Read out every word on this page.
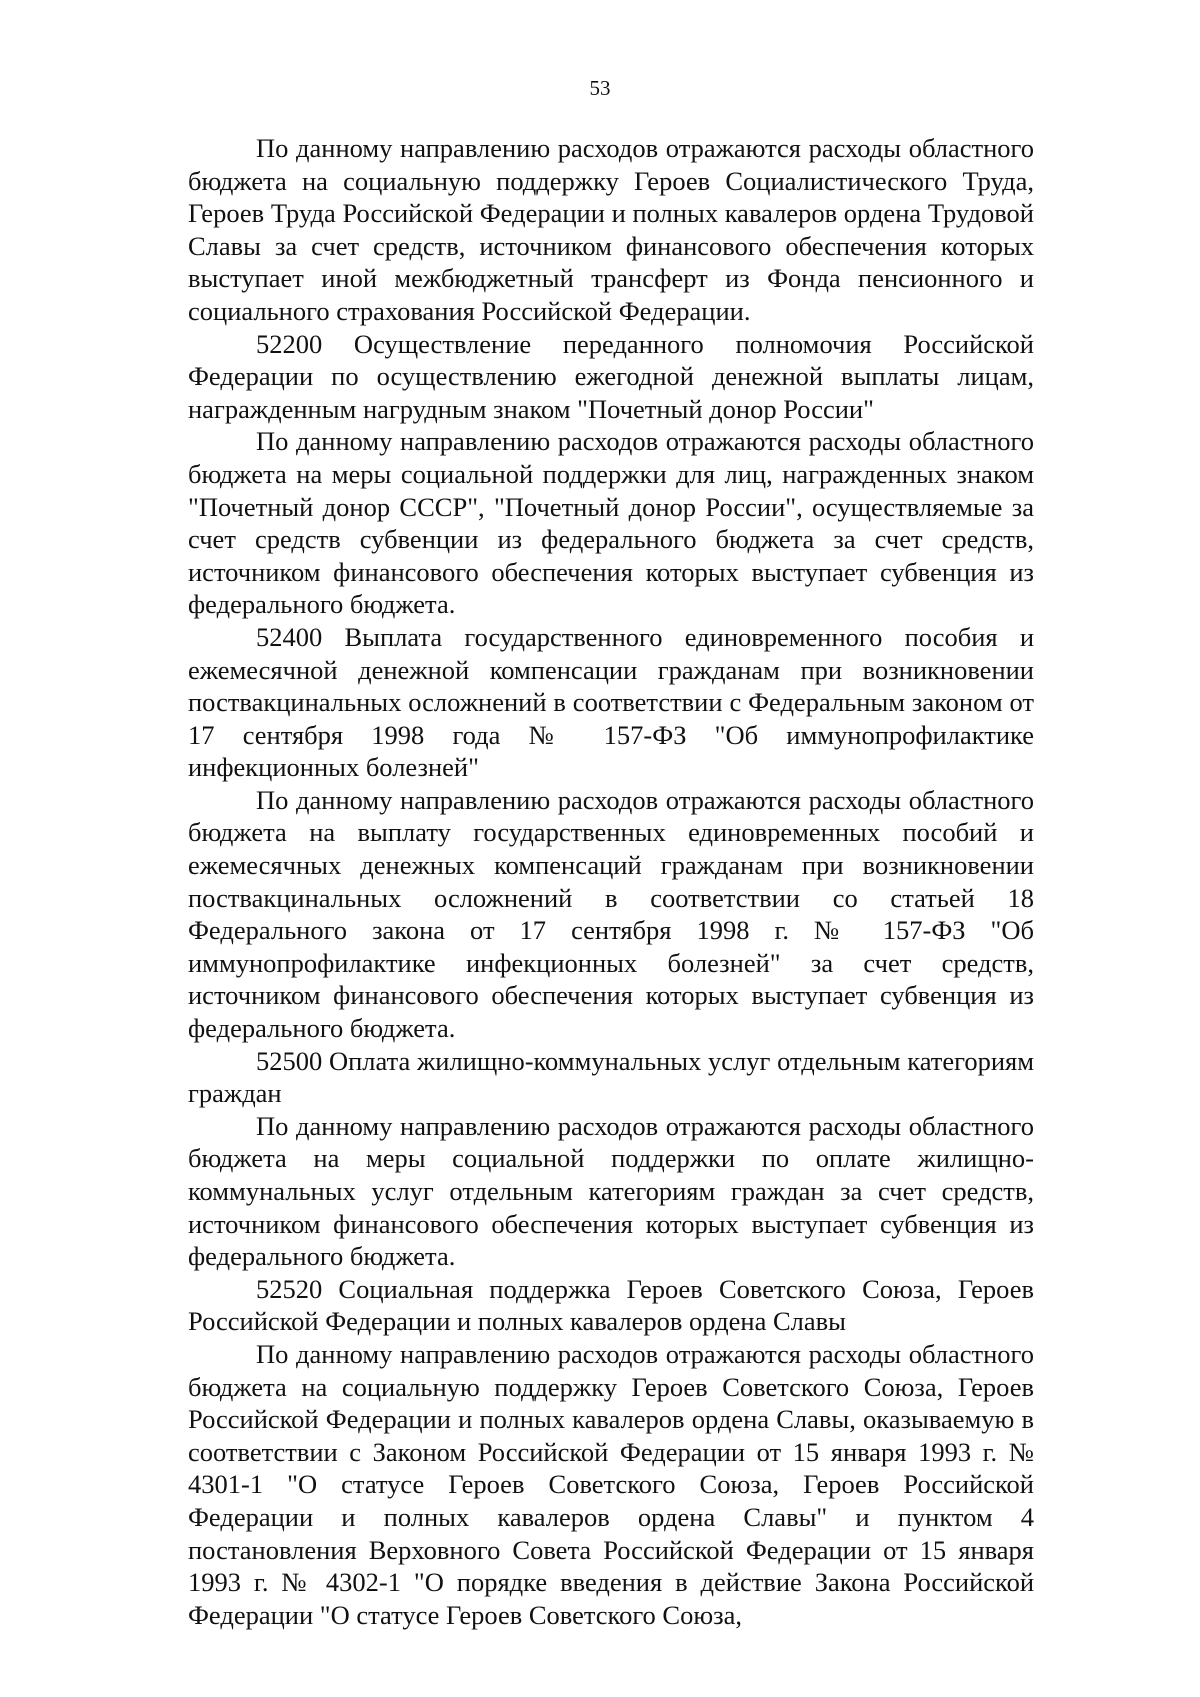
53

По данному направлению расходов отражаются расходы областного бюджета на социальную поддержку Героев Социалистического Труда, Героев Труда Российской Федерации и полных кавалеров ордена Трудовой Славы за счет средств, источником финансового обеспечения которых выступает иной межбюджетный трансферт из Фонда пенсионного и социального страхования Российской Федерации.

52200 Осуществление переданного полномочия Российской Федерации по осуществлению ежегодной денежной выплаты лицам, награжденным нагрудным знаком "Почетный донор России"

По данному направлению расходов отражаются расходы областного бюджета на меры социальной поддержки для лиц, награжденных знаком "Почетный донор СССР", "Почетный донор России", осуществляемые за счет средств субвенции из федерального бюджета за счет средств, источником финансового обеспечения которых выступает субвенция из федерального бюджета.

52400 Выплата государственного единовременного пособия и ежемесячной денежной компенсации гражданам при возникновении поствакцинальных осложнений в соответствии с Федеральным законом от 17 сентября 1998 года № 157-ФЗ "Об иммунопрофилактике инфекционных болезней"

По данному направлению расходов отражаются расходы областного бюджета на выплату государственных единовременных пособий и ежемесячных денежных компенсаций гражданам при возникновении поствакцинальных осложнений в соответствии со статьей 18 Федерального закона от 17 сентября 1998 г. № 157-ФЗ "Об иммунопрофилактике инфекционных болезней" за счет средств, источником финансового обеспечения которых выступает субвенция из федерального бюджета.

52500 Оплата жилищно-коммунальных услуг отдельным категориям граждан

По данному направлению расходов отражаются расходы областного бюджета на меры социальной поддержки по оплате жилищно-коммунальных услуг отдельным категориям граждан за счет средств, источником финансового обеспечения которых выступает субвенция из федерального бюджета.

52520 Социальная поддержка Героев Советского Союза, Героев Российской Федерации и полных кавалеров ордена Славы

По данному направлению расходов отражаются расходы областного бюджета на социальную поддержку Героев Советского Союза, Героев Российской Федерации и полных кавалеров ордена Славы, оказываемую в соответствии с Законом Российской Федерации от 15 января 1993 г. № 4301-1 "О статусе Героев Советского Союза, Героев Российской Федерации и полных кавалеров ордена Славы" и пунктом 4 постановления Верховного Совета Российской Федерации от 15 января 1993 г. № 4302-1 "О порядке введения в действие Закона Российской Федерации "О статусе Героев Советского Союза,
